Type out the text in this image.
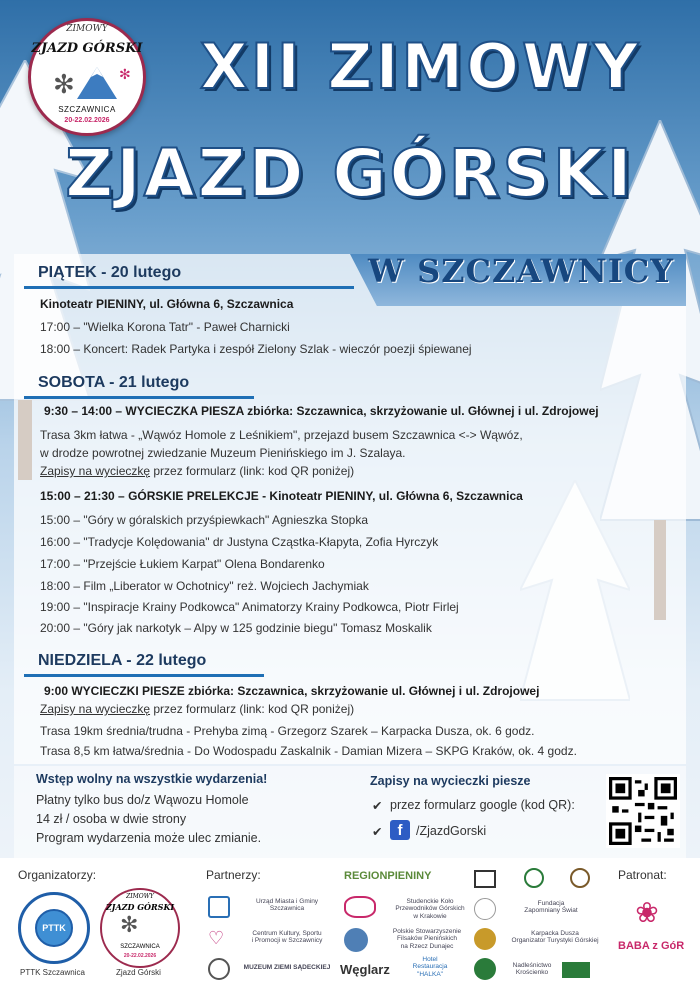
ZIMOWY
ZJAZD GÓRSKI
✻	✻
SZCZAWNICA
20-22.02.2026
XII ZIMOWY
ZJAZD GÓRSKI
W SZCZAWNICY
PIĄTEK - 20 lutego
Kinoteatr PIENINY, ul. Główna 6, Szczawnica
17:00 – "Wielka Korona Tatr" - Paweł Charnicki
18:00 – Koncert: Radek Partyka i zespół Zielony Szlak - wieczór poezji śpiewanej
SOBOTA - 21 lutego
9:30 – 14:00 – WYCIECZKA PIESZA zbiórka: Szczawnica, skrzyżowanie ul. Głównej i ul. Zdrojowej
Trasa 3km łatwa - „Wąwóz Homole z Leśnikiem", przejazd busem Szczawnica <-> Wąwóz,
w drodze powrotnej zwiedzanie Muzeum Pienińskiego im J. Szalaya.
Zapisy na wycieczkę przez formularz (link: kod QR poniżej)
15:00 – 21:30 – GÓRSKIE PRELEKCJE - Kinoteatr PIENINY, ul. Główna 6, Szczawnica
15:00 – "Góry w góralskich przyśpiewkach" Agnieszka Stopka
16:00 – "Tradycje Kolędowania" dr Justyna Cząstka-Kłapyta, Zofia Hyrczyk
17:00 – "Przejście Łukiem Karpat" Olena Bondarenko
18:00 – Film „Liberator w Ochotnicy" reż. Wojciech Jachymiak
19:00 – "Inspiracje Krainy Podkowca" Animatorzy Krainy Podkowca, Piotr Firlej
20:00 – "Góry jak narkotyk – Alpy w 125 godzinie biegu" Tomasz Moskalik
NIEDZIELA - 22 lutego
9:00 WYCIECZKI PIESZE zbiórka: Szczawnica, skrzyżowanie ul. Głównej i ul. Zdrojowej
Zapisy na wycieczkę przez formularz (link: kod QR poniżej)
Trasa 19km średnia/trudna - Prehyba zimą - Grzegorz Szarek – Karpacka Dusza, ok. 6 godz.
Trasa 8,5 km łatwa/średnia - Do Wodospadu Zaskalnik - Damian Mizera – SKPG Kraków, ok. 4 godz.
Wstęp wolny na wszystkie wydarzenia!
Płatny tylko bus do/z Wąwozu Homole
14 zł / osoba w dwie strony
Program wydarzenia może ulec zmianie.
Zapisy na wycieczki piesze
✔ przez formularz google (kod QR):
✔	f	/ZjazdGorski
Organizatorzy:	Partnerzy:	Patronat:
PTTK
PTTK Szczawnica
ZIMOWY
ZJAZD GÓRSKI
✻
SZCZAWNICA
20-22.02.2026
Zjazd Górski
Urząd Miasta i Gminy
Szczawnica
♡	Centrum Kultury, Sportu
i Promocji w Szczawnicy
MUZEUM ZIEMI SĄDECKIEJ
REGIONPIENINY
Studenckie Koło
Przewodników Górskich
w Krakowie
Polskie Stowarzyszenie
Filsaków Pienińskich
na Rzecz Dunajec
Węglarz
Hotel
Restauracja
"HALKA"
Fundacja
Zapomniany Świat
Karpacka Dusza
Organizator Turystyki Górskiej
Nadleśnictwo
Krościenko
❀
BABA z GóR
